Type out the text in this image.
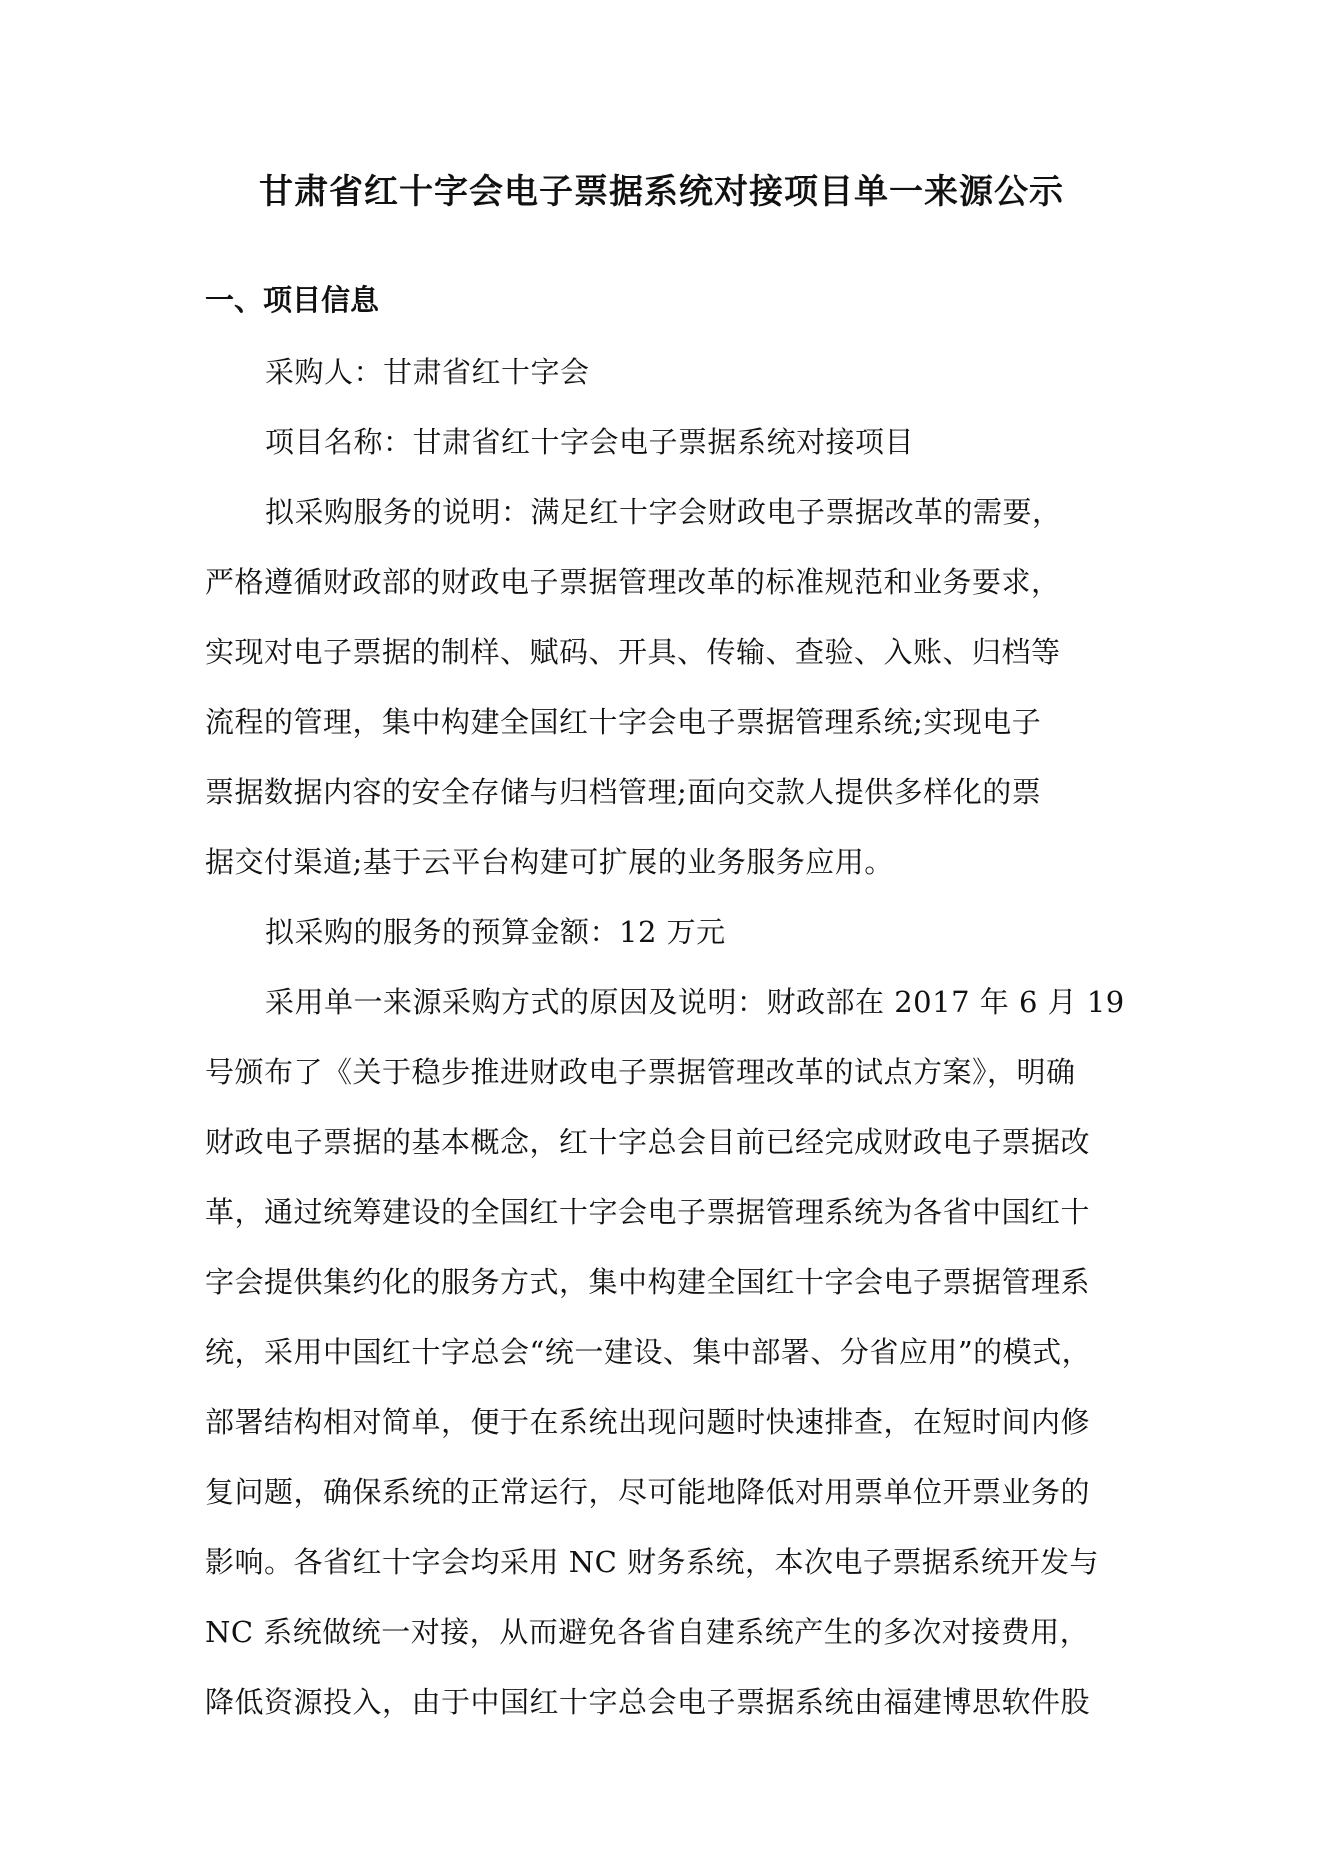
甘肃省红十字会电子票据系统对接项目单一来源公示
一、项目信息
采购人：甘肃省红十字会
项目名称：甘肃省红十字会电子票据系统对接项目
拟采购服务的说明：满足红十字会财政电子票据改革的需要，
严格遵循财政部的财政电子票据管理改革的标准规范和业务要求，
实现对电子票据的制样、赋码、开具、传输、查验、入账、归档等
流程的管理，集中构建全国红十字会电子票据管理系统;实现电子
票据数据内容的安全存储与归档管理;面向交款人提供多样化的票
据交付渠道;基于云平台构建可扩展的业务服务应用。
拟采购的服务的预算金额：12 万元
采用单一来源采购方式的原因及说明：财政部在 2017 年 6 月 19
号颁布了《关于稳步推进财政电子票据管理改革的试点方案》，明确
财政电子票据的基本概念，红十字总会目前已经完成财政电子票据改
革，通过统筹建设的全国红十字会电子票据管理系统为各省中国红十
字会提供集约化的服务方式，集中构建全国红十字会电子票据管理系
统，采用中国红十字总会“统一建设、集中部署、分省应用”的模式，
部署结构相对简单，便于在系统出现问题时快速排查，在短时间内修
复问题，确保系统的正常运行，尽可能地降低对用票单位开票业务的
影响。各省红十字会均采用 NC 财务系统，本次电子票据系统开发与
NC 系统做统一对接，从而避免各省自建系统产生的多次对接费用，
降低资源投入，由于中国红十字总会电子票据系统由福建博思软件股
